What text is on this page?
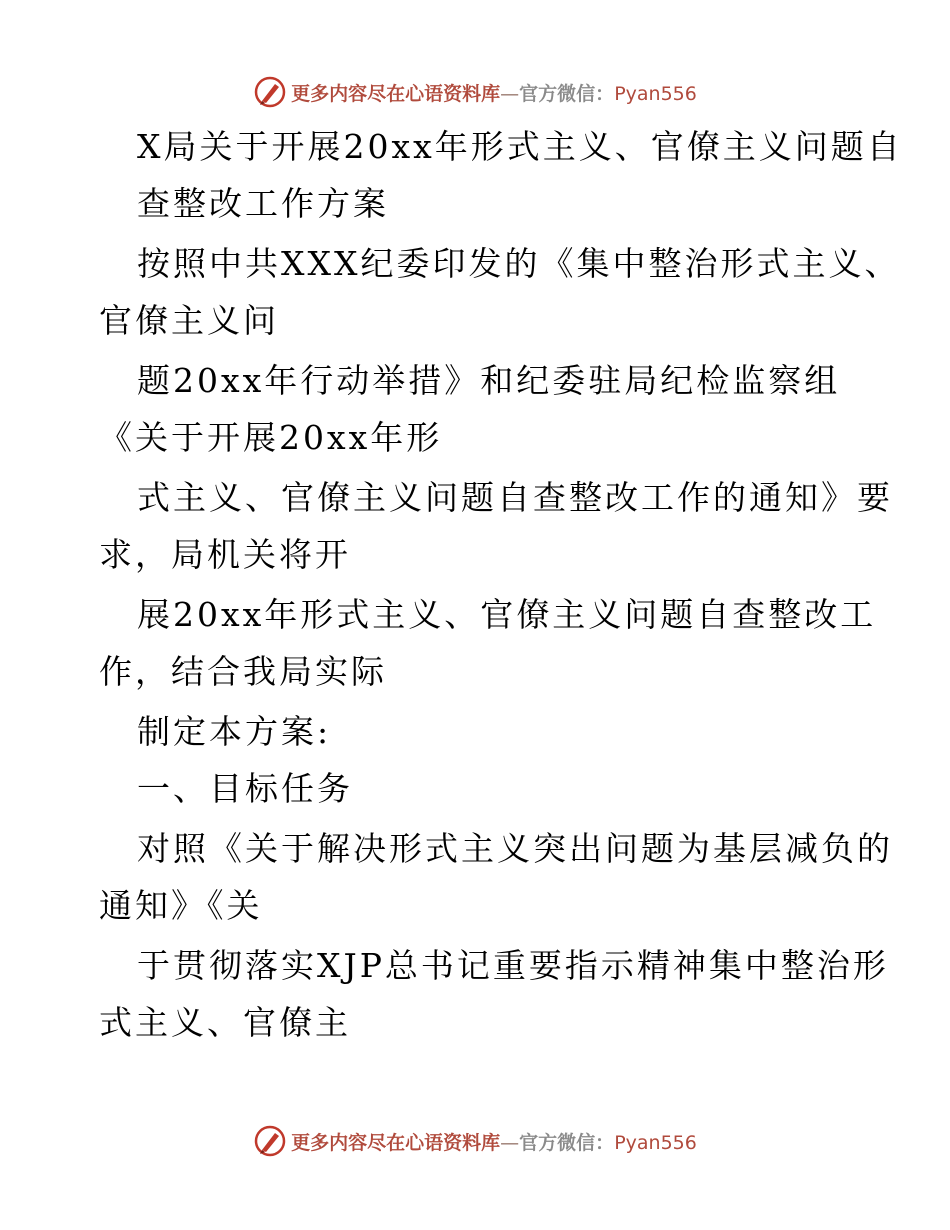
更多内容尽在心语资料库—官方微信：Pyan556
X局关于开展20xx年形式主义、官僚主义问题自
查整改工作方案
按照中共XXX纪委印发的《集中整治形式主义、
官僚主义问
题20xx年行动举措》和纪委驻局纪检监察组
《关于开展20xx年形
式主义、官僚主义问题自查整改工作的通知》要
求，局机关将开
展20xx年形式主义、官僚主义问题自查整改工
作，结合我局实际
制定本方案:
一、目标任务
对照《关于解决形式主义突出问题为基层减负的
通知》《关
于贯彻落实XJP总书记重要指示精神集中整治形
式主义、官僚主
更多内容尽在心语资料库—官方微信：Pyan556
